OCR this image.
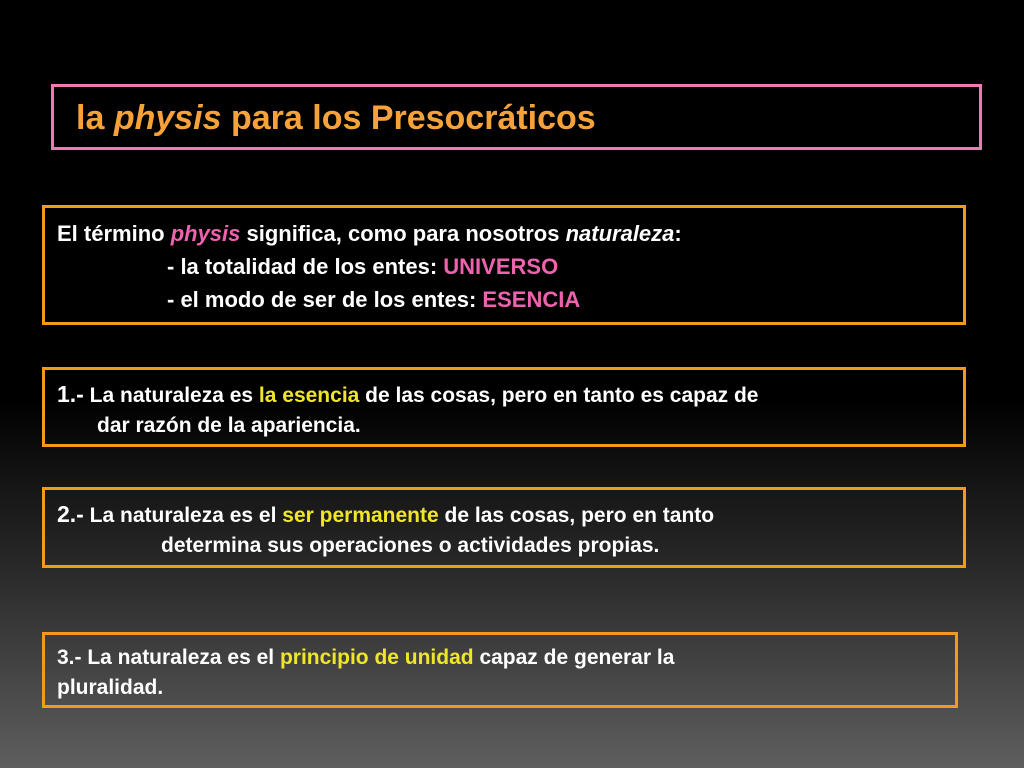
la physis para los Presocráticos
El término physis significa, como para nosotros naturaleza:
- la totalidad de los entes: UNIVERSO
- el modo de ser de los entes: ESENCIA
1.- La naturaleza es la esencia de las cosas, pero en tanto es capaz de
dar razón de la apariencia.
2.- La naturaleza es el ser permanente de las cosas, pero en tanto
determina sus operaciones o actividades propias.
3.- La naturaleza es el principio de unidad capaz de generar la
pluralidad.
